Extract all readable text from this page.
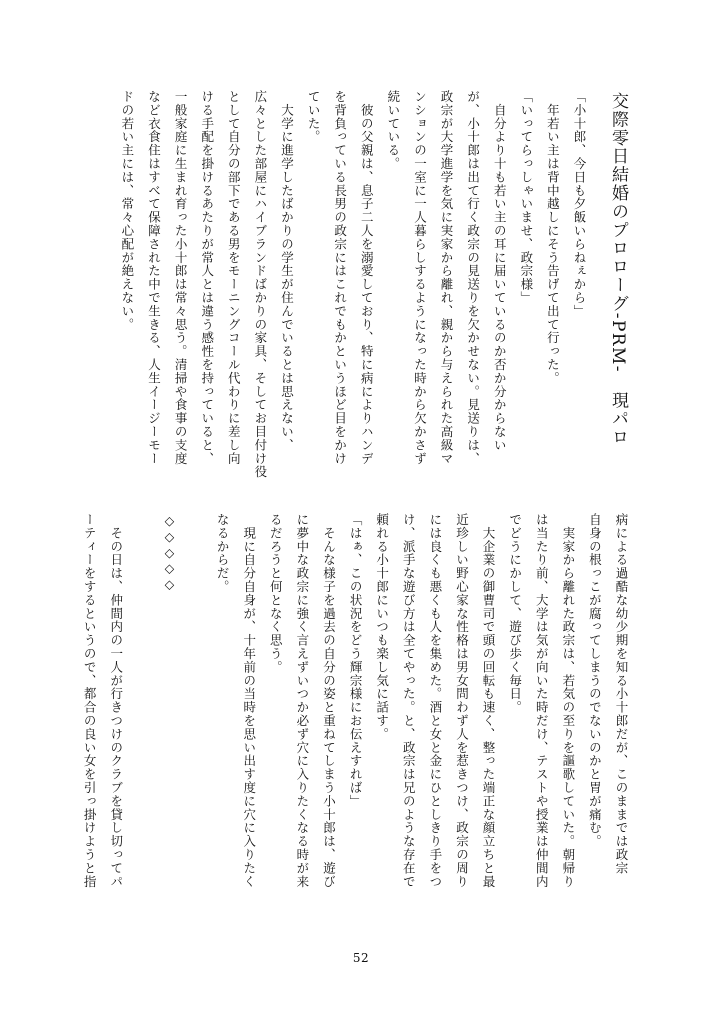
交際零日結婚のプロローグ-PRM-　現パロ
「小十郎、今日も夕飯いらねぇから」
　年若い主は背中越しにそう告げて出て行った。
「いってらっしゃいませ、政宗様」
　自分より十も若い主の耳に届いているのか否か分からない
が、小十郎は出て行く政宗の見送りを欠かせない。見送りは、
政宗が大学進学を気に実家から離れ、親から与えられた高級マ
ンションの一室に一人暮らしするようになった時から欠かさず
続いている。
　彼の父親は、息子二人を溺愛しており、特に病によりハンデ
を背負っている長男の政宗にはこれでもかというほど目をかけ
ていた。
　大学に進学したばかりの学生が住んでいるとは思えない、
広々とした部屋にハイブランドばかりの家具、そしてお目付け役
として自分の部下である男をモーニングコール代わりに差し向
ける手配を掛けるあたりが常人とは違う感性を持っていると、
一般家庭に生まれ育った小十郎は常々思う。清掃や食事の支度
など衣食住はすべて保障された中で生きる、人生イージーモー
ドの若い主には、常々心配が絶えない。
病による過酷な幼少期を知る小十郎だが、このままでは政宗
自身の根っこが腐ってしまうのでないのかと胃が痛む。
　実家から離れた政宗は、若気の至りを謳歌していた。朝帰り
は当たり前、大学は気が向いた時だけ、テストや授業は仲間内
でどうにかして、遊び歩く毎日。
　大企業の御曹司で頭の回転も速く、整った端正な顔立ちと最
近珍しい野心家な性格は男女問わず人を惹きつけ、政宗の周り
には良くも悪くも人を集めた。酒と女と金にひとしきり手をつ
け、派手な遊び方は全てやった。と、政宗は兄のような存在で
頼れる小十郎にいつも楽し気に話す。
「はぁ、この状況をどう輝宗様にお伝えすれば」
　そんな様子を過去の自分の姿と重ねてしまう小十郎は、遊び
に夢中な政宗に強く言えずいつか必ず穴に入りたくなる時が来
るだろうと何となく思う。
　現に自分自身が、十年前の当時を思い出す度に穴に入りたく
なるからだ。
◇◇◇◇◇
　その日は、仲間内の一人が行きつけのクラブを貸し切ってパ
ーティーをするというので、都合の良い女を引っ掛けようと指
52
